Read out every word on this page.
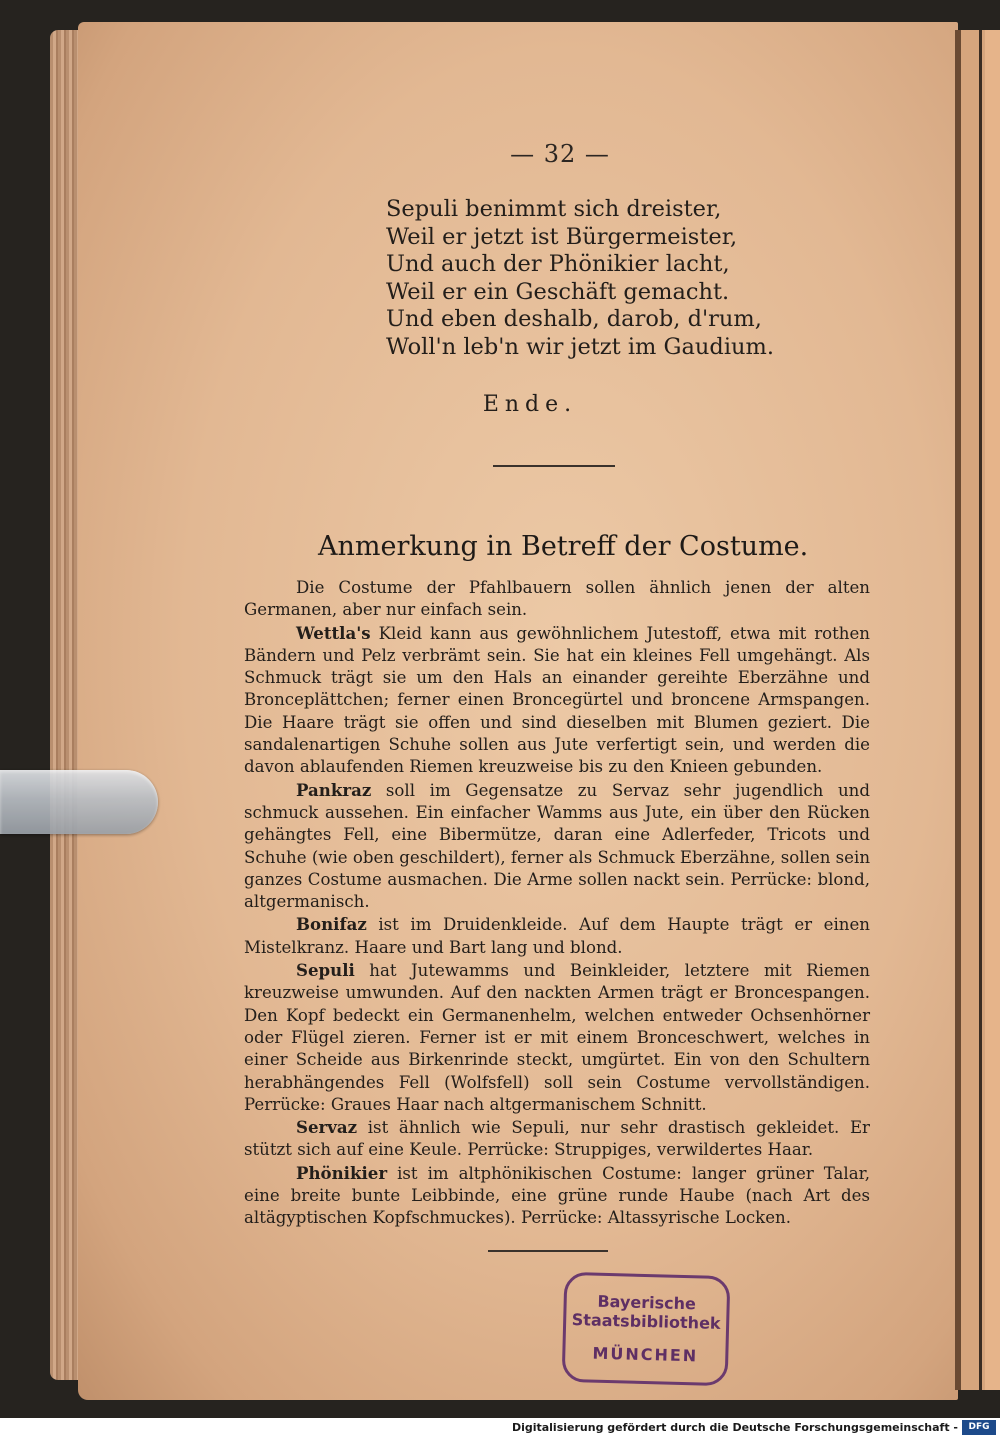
— 32 —
Sepuli benimmt sich dreister,
Weil er jetzt ist Bürgermeister,
Und auch der Phönikier lacht,
Weil er ein Geschäft gemacht.
Und eben deshalb, darob, d'rum,
Woll'n leb'n wir jetzt im Gaudium.
Ende.
Anmerkung in Betreff der Costume.

Die Costume der Pfahlbauern sollen ähnlich jenen der alten Germanen, aber nur einfach sein.

Wettla's Kleid kann aus gewöhnlichem Jutestoff, etwa mit rothen Bändern und Pelz verbrämt sein. Sie hat ein kleines Fell umgehängt. Als Schmuck trägt sie um den Hals an einander gereihte Eberzähne und Bronceplättchen; ferner einen Broncegürtel und broncene Armspangen. Die Haare trägt sie offen und sind dieselben mit Blumen geziert. Die sandalenartigen Schuhe sollen aus Jute verfertigt sein, und werden die davon ablaufenden Riemen kreuzweise bis zu den Knieen gebunden.

Pankraz soll im Gegensatze zu Servaz sehr jugendlich und schmuck aussehen. Ein einfacher Wamms aus Jute, ein über den Rücken gehängtes Fell, eine Bibermütze, daran eine Adlerfeder, Tricots und Schuhe (wie oben geschildert), ferner als Schmuck Eberzähne, sollen sein ganzes Costume ausmachen. Die Arme sollen nackt sein. Perrücke: blond, altgermanisch.

Bonifaz ist im Druidenkleide. Auf dem Haupte trägt er einen Mistelkranz. Haare und Bart lang und blond.

Sepuli hat Jutewamms und Beinkleider, letztere mit Riemen kreuzweise umwunden. Auf den nackten Armen trägt er Broncespangen. Den Kopf bedeckt ein Germanenhelm, welchen entweder Ochsenhörner oder Flügel zieren. Ferner ist er mit einem Bronceschwert, welches in einer Scheide aus Birkenrinde steckt, umgürtet. Ein von den Schultern herabhängendes Fell (Wolfsfell) soll sein Costume vervollständigen. Perrücke: Graues Haar nach altgermanischem Schnitt.

Servaz ist ähnlich wie Sepuli, nur sehr drastisch gekleidet. Er stützt sich auf eine Keule. Perrücke: Struppiges, verwildertes Haar.

Phönikier ist im altphönikischen Costume: langer grüner Talar, eine breite bunte Leibbinde, eine grüne runde Haube (nach Art des altägyptischen Kopfschmuckes). Perrücke: Altassyrische Locken.

Bayerische
Staatsbibliothek
MÜNCHEN
Digitalisierung gefördert durch die Deutsche Forschungsgemeinschaft -	DFG
